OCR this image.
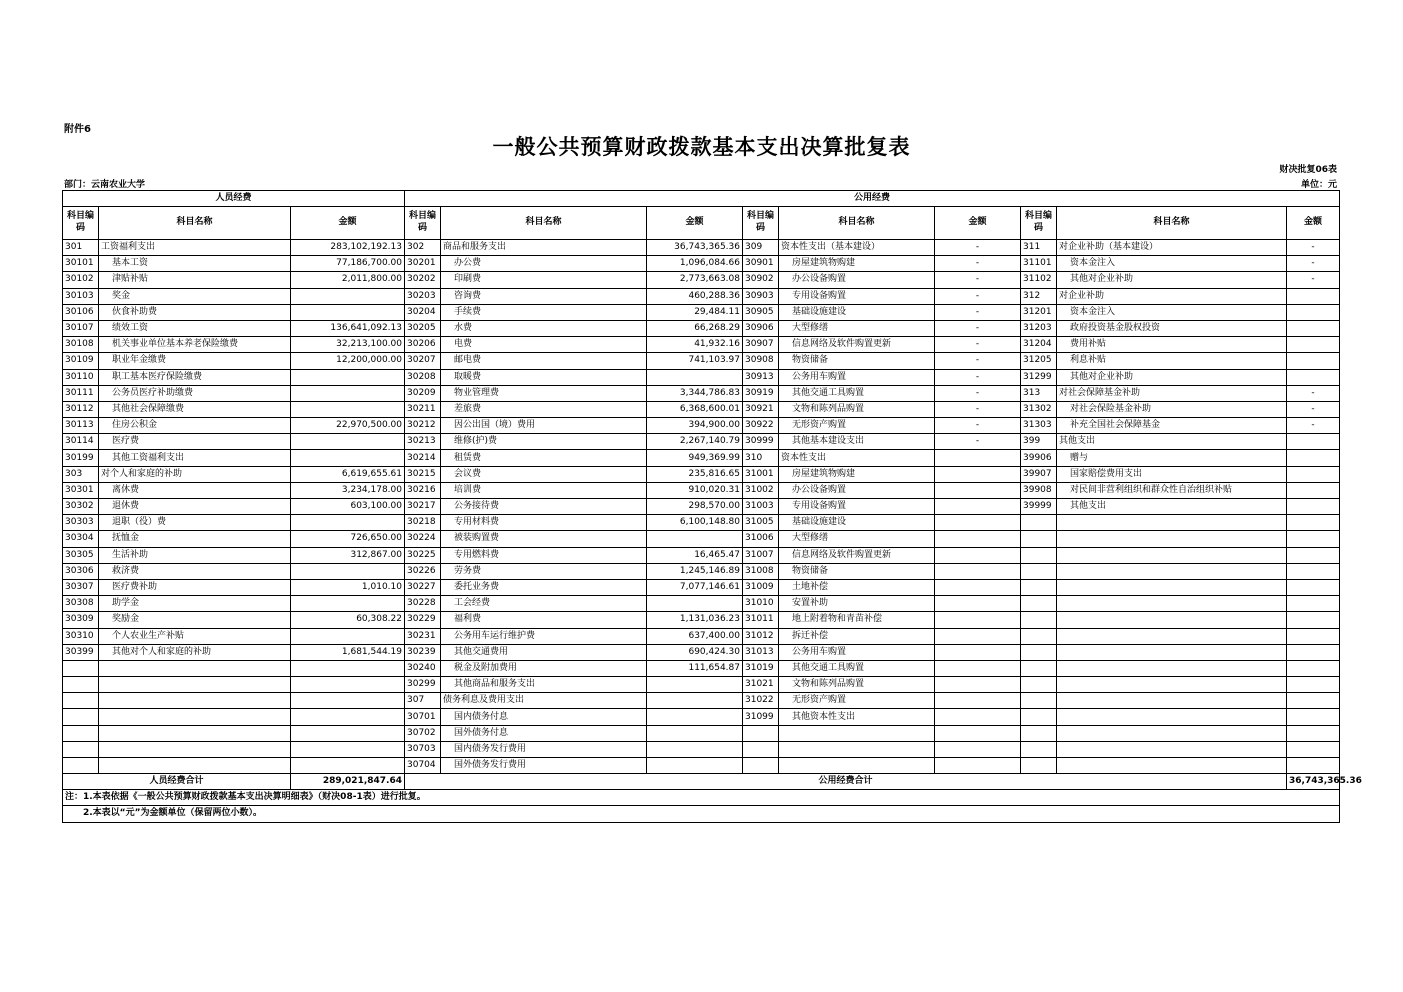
附件6
一般公共预算财政拨款基本支出决算批复表
财决批复06表
部门：云南农业大学	单位：元
人员经费			公用经费								
科目编码	科目名称	金额	科目编码	科目名称	金额	科目编码	科目名称	金额	科目编码	科目名称	金额
301	工资福利支出	283,102,192.13	302	商品和服务支出	36,743,365.36	309	资本性支出（基本建设）	-	311	对企业补助（基本建设）	-
30101	基本工资	77,186,700.00	30201	办公费	1,096,084.66	30901	房屋建筑物购建	-	31101	资本金注入	-
30102	津贴补贴	2,011,800.00	30202	印刷费	2,773,663.08	30902	办公设备购置	-	31102	其他对企业补助	-
30103	奖金		30203	咨询费	460,288.36	30903	专用设备购置	-	312	对企业补助	
30106	伙食补助费		30204	手续费	29,484.11	30905	基础设施建设	-	31201	资本金注入	
30107	绩效工资	136,641,092.13	30205	水费	66,268.29	30906	大型修缮	-	31203	政府投资基金股权投资	
30108	机关事业单位基本养老保险缴费	32,213,100.00	30206	电费	41,932.16	30907	信息网络及软件购置更新	-	31204	费用补贴	
30109	职业年金缴费	12,200,000.00	30207	邮电费	741,103.97	30908	物资储备	-	31205	利息补贴	
30110	职工基本医疗保险缴费		30208	取暖费		30913	公务用车购置	-	31299	其他对企业补助	
30111	公务员医疗补助缴费		30209	物业管理费	3,344,786.83	30919	其他交通工具购置	-	313	对社会保障基金补助	-
30112	其他社会保障缴费		30211	差旅费	6,368,600.01	30921	文物和陈列品购置	-	31302	对社会保险基金补助	-
30113	住房公积金	22,970,500.00	30212	因公出国（境）费用	394,900.00	30922	无形资产购置	-	31303	补充全国社会保障基金	-
30114	医疗费		30213	维修(护)费	2,267,140.79	30999	其他基本建设支出	-	399	其他支出	
30199	其他工资福利支出		30214	租赁费	949,369.99	310	资本性支出		39906	赠与	
303	对个人和家庭的补助	6,619,655.61	30215	会议费	235,816.65	31001	房屋建筑物购建		39907	国家赔偿费用支出	
30301	离休费	3,234,178.00	30216	培训费	910,020.31	31002	办公设备购置		39908	对民间非营利组织和群众性自治组织补贴	
30302	退休费	603,100.00	30217	公务接待费	298,570.00	31003	专用设备购置		39999	其他支出	
30303	退职（役）费		30218	专用材料费	6,100,148.80	31005	基础设施建设				
30304	抚恤金	726,650.00	30224	被装购置费		31006	大型修缮				
30305	生活补助	312,867.00	30225	专用燃料费	16,465.47	31007	信息网络及软件购置更新				
30306	救济费		30226	劳务费	1,245,146.89	31008	物资储备				
30307	医疗费补助	1,010.10	30227	委托业务费	7,077,146.61	31009	土地补偿				
30308	助学金		30228	工会经费		31010	安置补助				
30309	奖励金	60,308.22	30229	福利费	1,131,036.23	31011	地上附着物和青苗补偿				
30310	个人农业生产补贴		30231	公务用车运行维护费	637,400.00	31012	拆迁补偿				
30399	其他对个人和家庭的补助	1,681,544.19	30239	其他交通费用	690,424.30	31013	公务用车购置				
			30240	税金及附加费用	111,654.87	31019	其他交通工具购置				
			30299	其他商品和服务支出		31021	文物和陈列品购置				
			307	债务利息及费用支出		31022	无形资产购置				
			30701	国内债务付息		31099	其他资本性支出				
			30702	国外债务付息							
			30703	国内债务发行费用							
			30704	国外债务发行费用							
人员经费合计		289,021,847.64	公用经费合计								36,743,365.36
注：1.本表依据《一般公共预算财政拨款基本支出决算明细表》（财决08-1表）进行批复。											
　　2.本表以“元”为金额单位（保留两位小数）。											
